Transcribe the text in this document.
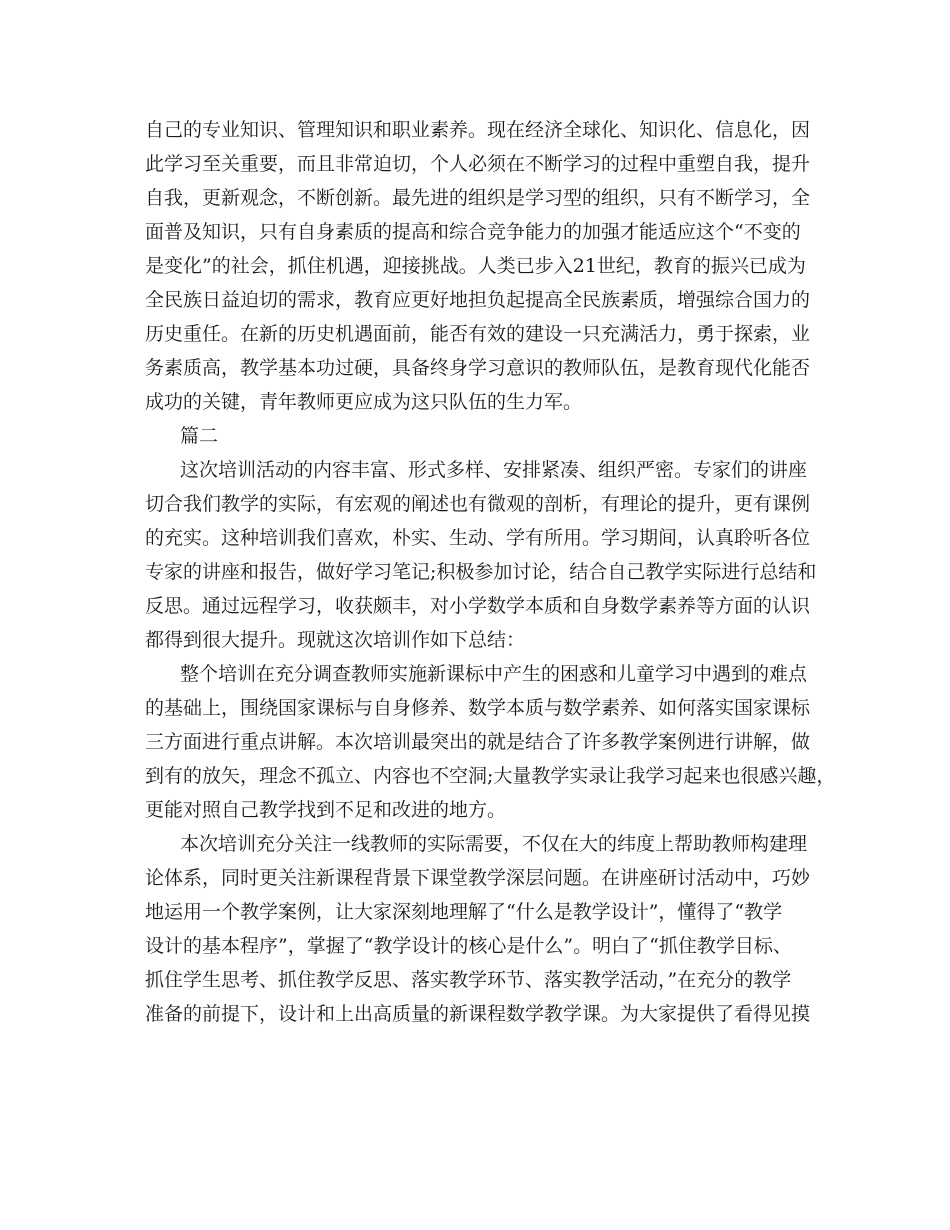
自己的专业知识、管理知识和职业素养。现在经济全球化、知识化、信息化，因
此学习至关重要，而且非常迫切，个人必须在不断学习的过程中重塑自我，提升
自我，更新观念，不断创新。最先进的组织是学习型的组织，只有不断学习，全
面普及知识，只有自身素质的提高和综合竞争能力的加强才能适应这个“不变的
是变化”的社会，抓住机遇，迎接挑战。人类已步入21世纪，教育的振兴已成为
全民族日益迫切的需求，教育应更好地担负起提高全民族素质，增强综合国力的
历史重任。在新的历史机遇面前，能否有效的建设一只充满活力，勇于探索，业
务素质高，教学基本功过硬，具备终身学习意识的教师队伍，是教育现代化能否
成功的关键，青年教师更应成为这只队伍的生力军。
篇二
这次培训活动的内容丰富、形式多样、安排紧凑、组织严密。专家们的讲座
切合我们教学的实际，有宏观的阐述也有微观的剖析，有理论的提升，更有课例
的充实。这种培训我们喜欢，朴实、生动、学有所用。学习期间，认真聆听各位
专家的讲座和报告，做好学习笔记;积极参加讨论，结合自己教学实际进行总结和
反思。通过远程学习，收获颇丰，对小学数学本质和自身数学素养等方面的认识
都得到很大提升。现就这次培训作如下总结：
整个培训在充分调查教师实施新课标中产生的困惑和儿童学习中遇到的难点
的基础上，围绕国家课标与自身修养、数学本质与数学素养、如何落实国家课标
三方面进行重点讲解。本次培训最突出的就是结合了许多教学案例进行讲解，做
到有的放矢，理念不孤立、内容也不空洞;大量教学实录让我学习起来也很感兴趣，
更能对照自己教学找到不足和改进的地方。
本次培训充分关注一线教师的实际需要，不仅在大的纬度上帮助教师构建理
论体系，同时更关注新课程背景下课堂教学深层问题。在讲座研讨活动中，巧妙
地运用一个教学案例，让大家深刻地理解了“什么是教学设计”，懂得了“教学
设计的基本程序”，掌握了“教学设计的核心是什么”。明白了“抓住教学目标、
抓住学生思考、抓住教学反思、落实教学环节、落实教学活动，”在充分的教学
准备的前提下，设计和上出高质量的新课程数学教学课。为大家提供了看得见摸
